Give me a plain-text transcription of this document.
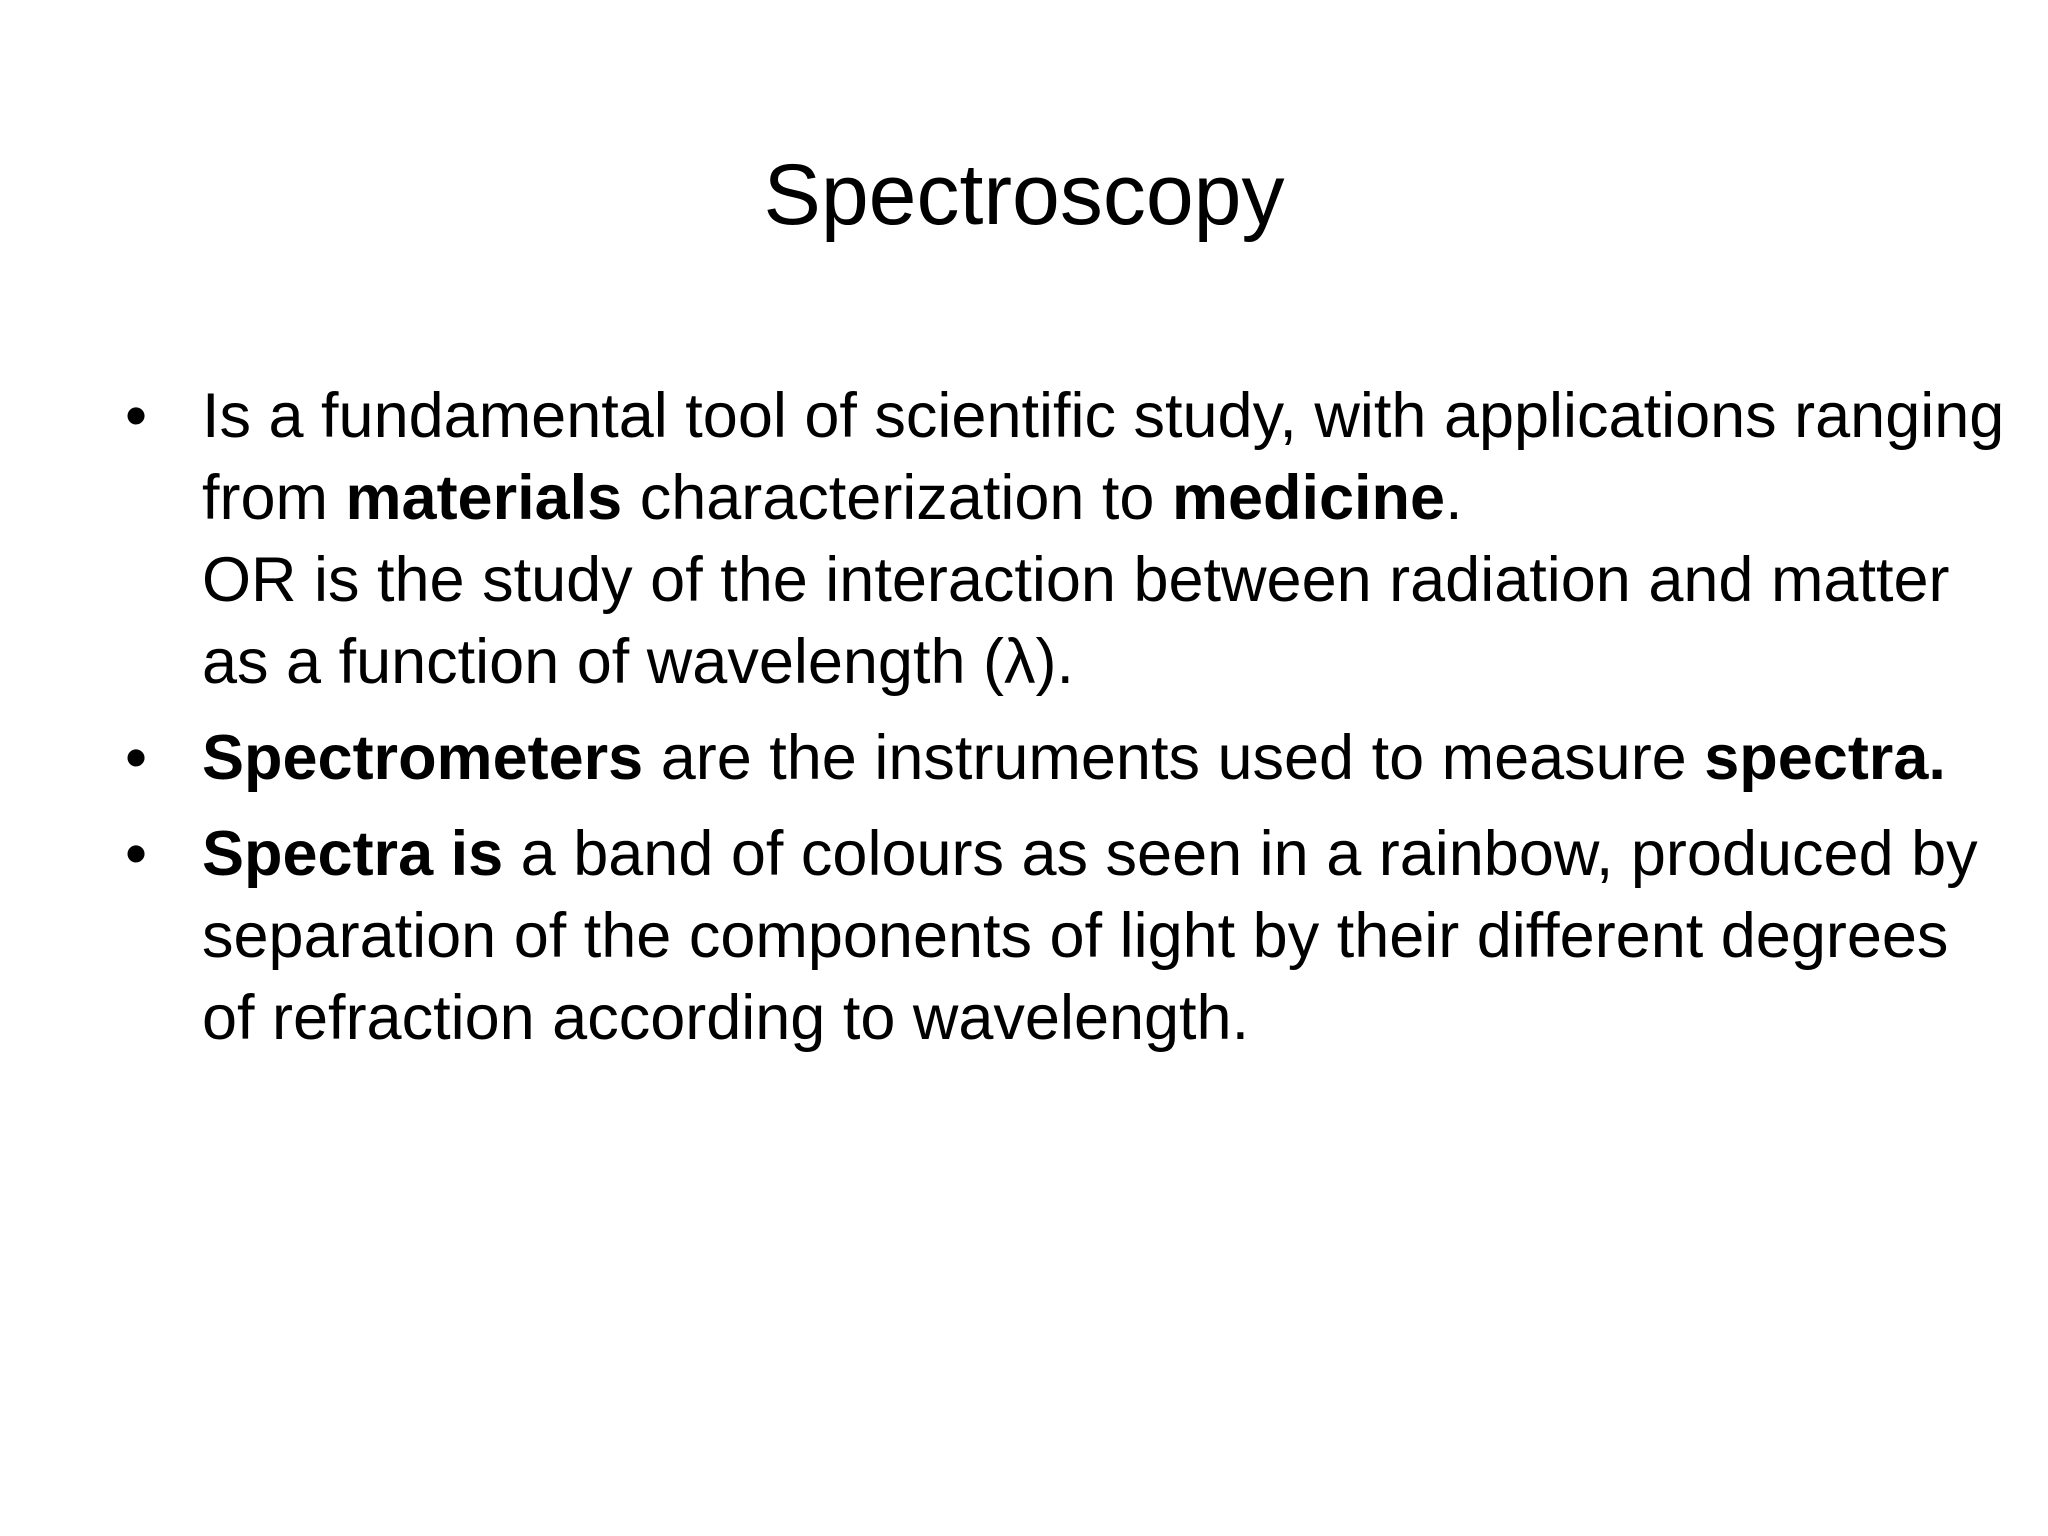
Spectroscopy
• Is a fundamental tool of scientific study, with applications ranging from materials characterization to medicine.
OR is the study of the interaction between radiation and matter as a function of wavelength (λ).
• Spectrometers are the instruments used to measure spectra.
• Spectra is a band of colours as seen in a rainbow, produced by separation of the components of light by their different degrees of refraction according to wavelength.
